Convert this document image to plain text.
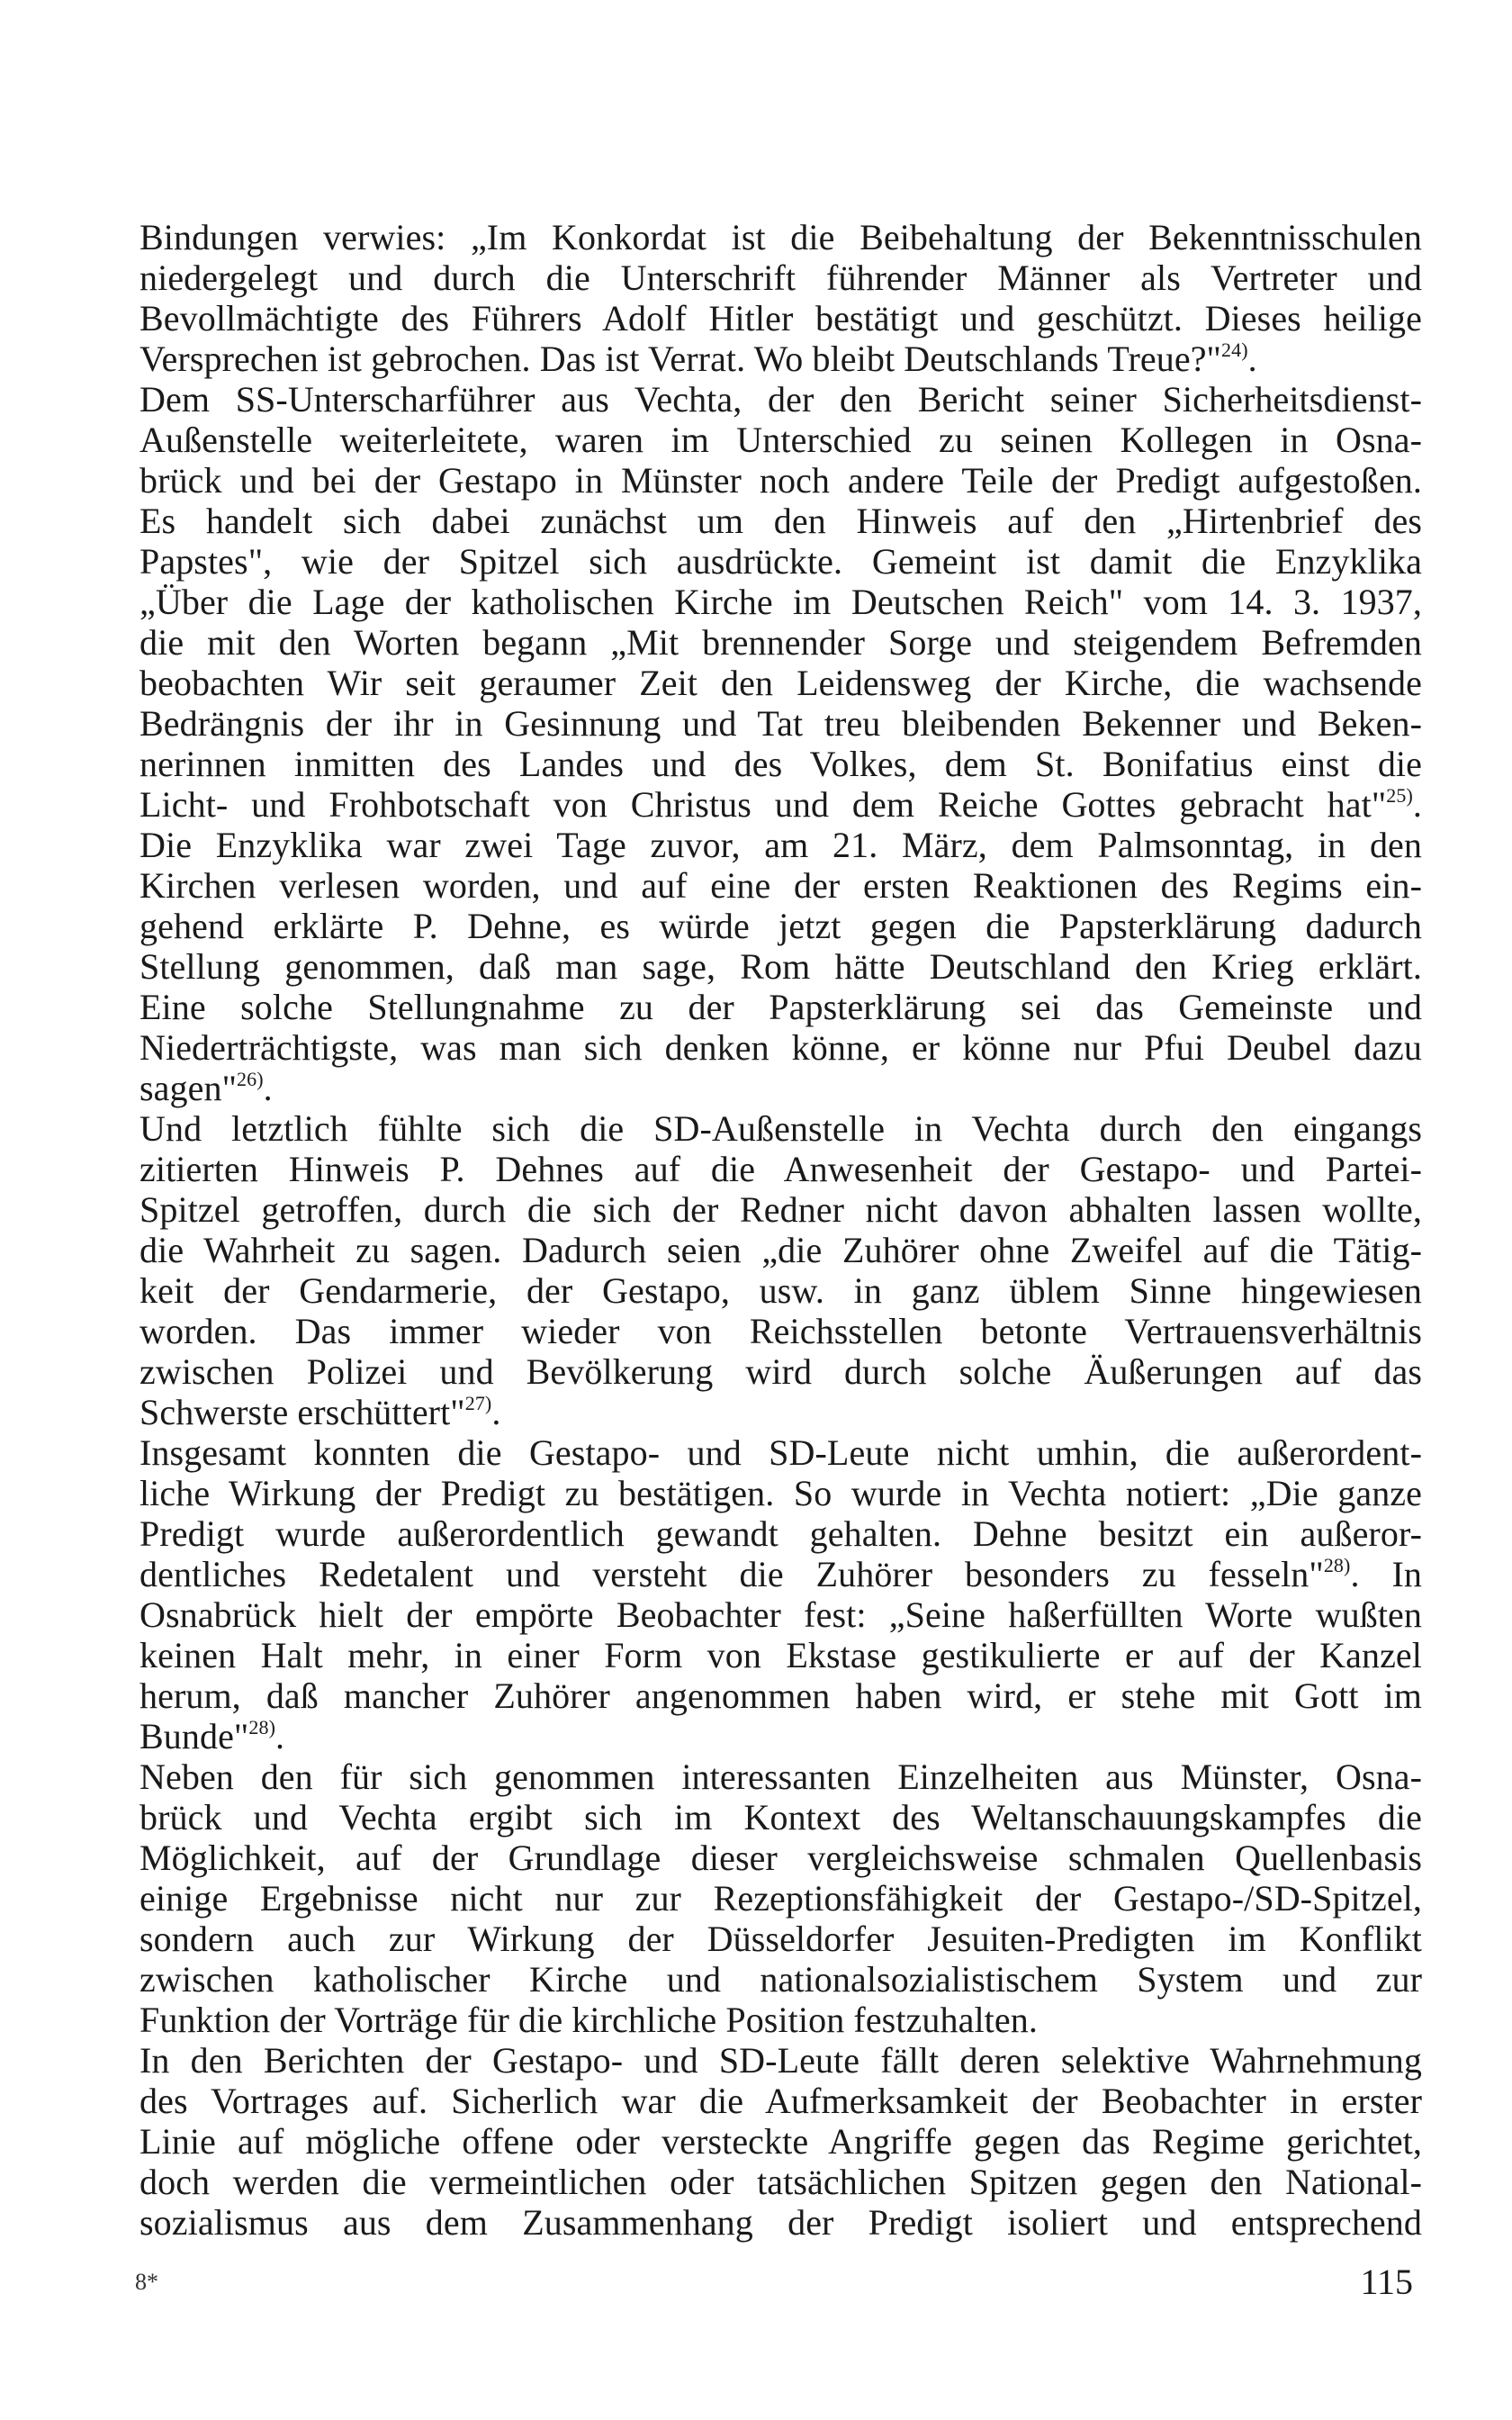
Bindungen verwies: „Im Konkordat ist die Beibehaltung der Bekenntnisschulen
niedergelegt und durch die Unterschrift führender Männer als Vertreter und
Bevollmächtigte des Führers Adolf Hitler bestätigt und geschützt. Dieses heilige
Versprechen ist gebrochen. Das ist Verrat. Wo bleibt Deutschlands Treue?"$^{24)}$.
Dem SS-Unterscharführer aus Vechta, der den Bericht seiner Sicherheitsdienst-
Außenstelle weiterleitete, waren im Unterschied zu seinen Kollegen in Osna-
brück und bei der Gestapo in Münster noch andere Teile der Predigt aufgestoßen.
Es handelt sich dabei zunächst um den Hinweis auf den „Hirtenbrief des
Papstes", wie der Spitzel sich ausdrückte. Gemeint ist damit die Enzyklika
„Über die Lage der katholischen Kirche im Deutschen Reich" vom 14. 3. 1937,
die mit den Worten begann „Mit brennender Sorge und steigendem Befremden
beobachten Wir seit geraumer Zeit den Leidensweg der Kirche, die wachsende
Bedrängnis der ihr in Gesinnung und Tat treu bleibenden Bekenner und Beken-
nerinnen inmitten des Landes und des Volkes, dem St. Bonifatius einst die
Licht- und Frohbotschaft von Christus und dem Reiche Gottes gebracht hat"$^{25)}$.
Die Enzyklika war zwei Tage zuvor, am 21. März, dem Palmsonntag, in den
Kirchen verlesen worden, und auf eine der ersten Reaktionen des Regims ein-
gehend erklärte P. Dehne, es würde jetzt gegen die Papsterklärung dadurch
Stellung genommen, daß man sage, Rom hätte Deutschland den Krieg erklärt.
Eine solche Stellungnahme zu der Papsterklärung sei das Gemeinste und
Niederträchtigste, was man sich denken könne, er könne nur Pfui Deubel dazu
sagen"$^{26)}$.
Und letztlich fühlte sich die SD-Außenstelle in Vechta durch den eingangs
zitierten Hinweis P. Dehnes auf die Anwesenheit der Gestapo- und Partei-
Spitzel getroffen, durch die sich der Redner nicht davon abhalten lassen wollte,
die Wahrheit zu sagen. Dadurch seien „die Zuhörer ohne Zweifel auf die Tätig-
keit der Gendarmerie, der Gestapo, usw. in ganz üblem Sinne hingewiesen
worden. Das immer wieder von Reichsstellen betonte Vertrauensverhältnis
zwischen Polizei und Bevölkerung wird durch solche Äußerungen auf das
Schwerste erschüttert"$^{27)}$.
Insgesamt konnten die Gestapo- und SD-Leute nicht umhin, die außerordent-
liche Wirkung der Predigt zu bestätigen. So wurde in Vechta notiert: „Die ganze
Predigt wurde außerordentlich gewandt gehalten. Dehne besitzt ein außeror-
dentliches Redetalent und versteht die Zuhörer besonders zu fesseln"$^{28)}$. In
Osnabrück hielt der empörte Beobachter fest: „Seine haßerfüllten Worte wußten
keinen Halt mehr, in einer Form von Ekstase gestikulierte er auf der Kanzel
herum, daß mancher Zuhörer angenommen haben wird, er stehe mit Gott im
Bunde"$^{28)}$.
Neben den für sich genommen interessanten Einzelheiten aus Münster, Osna-
brück und Vechta ergibt sich im Kontext des Weltanschauungskampfes die
Möglichkeit, auf der Grundlage dieser vergleichsweise schmalen Quellenbasis
einige Ergebnisse nicht nur zur Rezeptionsfähigkeit der Gestapo-/SD-Spitzel,
sondern auch zur Wirkung der Düsseldorfer Jesuiten-Predigten im Konflikt
zwischen katholischer Kirche und nationalsozialistischem System und zur
Funktion der Vorträge für die kirchliche Position festzuhalten.
In den Berichten der Gestapo- und SD-Leute fällt deren selektive Wahrnehmung
des Vortrages auf. Sicherlich war die Aufmerksamkeit der Beobachter in erster
Linie auf mögliche offene oder versteckte Angriffe gegen das Regime gerichtet,
doch werden die vermeintlichen oder tatsächlichen Spitzen gegen den National-
sozialismus aus dem Zusammenhang der Predigt isoliert und entsprechend
8*	115
